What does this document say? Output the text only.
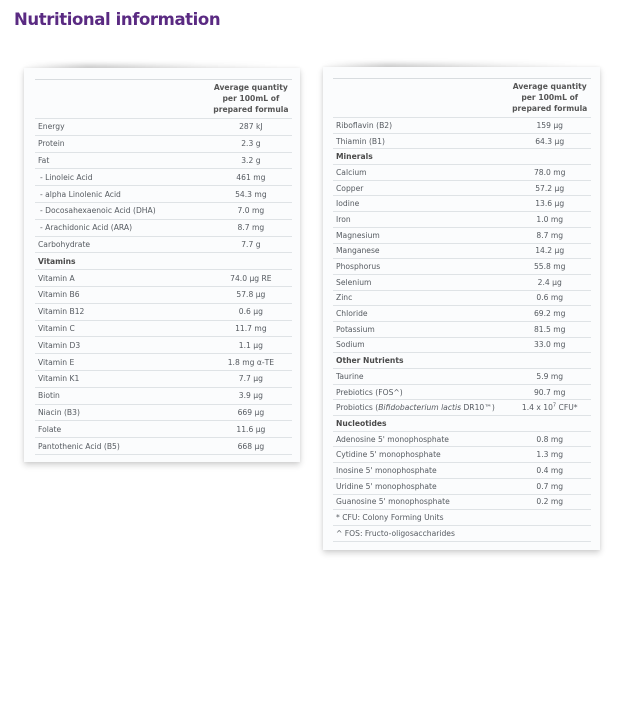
Nutritional information

	Average quantity
per 100mL of
prepared formula

Energy	287 kJ
Protein	2.3 g
Fat	3.2 g
- Linoleic Acid	461 mg
- alpha Linolenic Acid	54.3 mg
- Docosahexaenoic Acid (DHA)	7.0 mg
- Arachidonic Acid (ARA)	8.7 mg
Carbohydrate	7.7 g
Vitamins	
Vitamin A	74.0 µg RE
Vitamin B6	57.8 µg
Vitamin B12	0.6 µg
Vitamin C	11.7 mg
Vitamin D3	1.1 µg
Vitamin E	1.8 mg α-TE
Vitamin K1	7.7 µg
Biotin	3.9 µg
Niacin (B3)	669 µg
Folate	11.6 µg
Pantothenic Acid (B5)	668 µg

	Average quantity
per 100mL of
prepared formula

Riboflavin (B2)	159 µg
Thiamin (B1)	64.3 µg
Minerals	
Calcium	78.0 mg
Copper	57.2 µg
Iodine	13.6 µg
Iron	1.0 mg
Magnesium	8.7 mg
Manganese	14.2 µg
Phosphorus	55.8 mg
Selenium	2.4 µg
Zinc	0.6 mg
Chloride	69.2 mg
Potassium	81.5 mg
Sodium	33.0 mg
Other Nutrients	
Taurine	5.9 mg
Prebiotics (FOS^)	90.7 mg
Probiotics (Bifidobacterium lactis DR10™)	1.4 x $10^7$ CFU*
Nucleotides	
Adenosine 5' monophosphate	0.8 mg
Cytidine 5' monophosphate	1.3 mg
Inosine 5' monophosphate	0.4 mg
Uridine 5' monophosphate	0.7 mg
Guanosine 5' monophosphate	0.2 mg
* CFU: Colony Forming Units	
^ FOS: Fructo-oligosaccharides	
